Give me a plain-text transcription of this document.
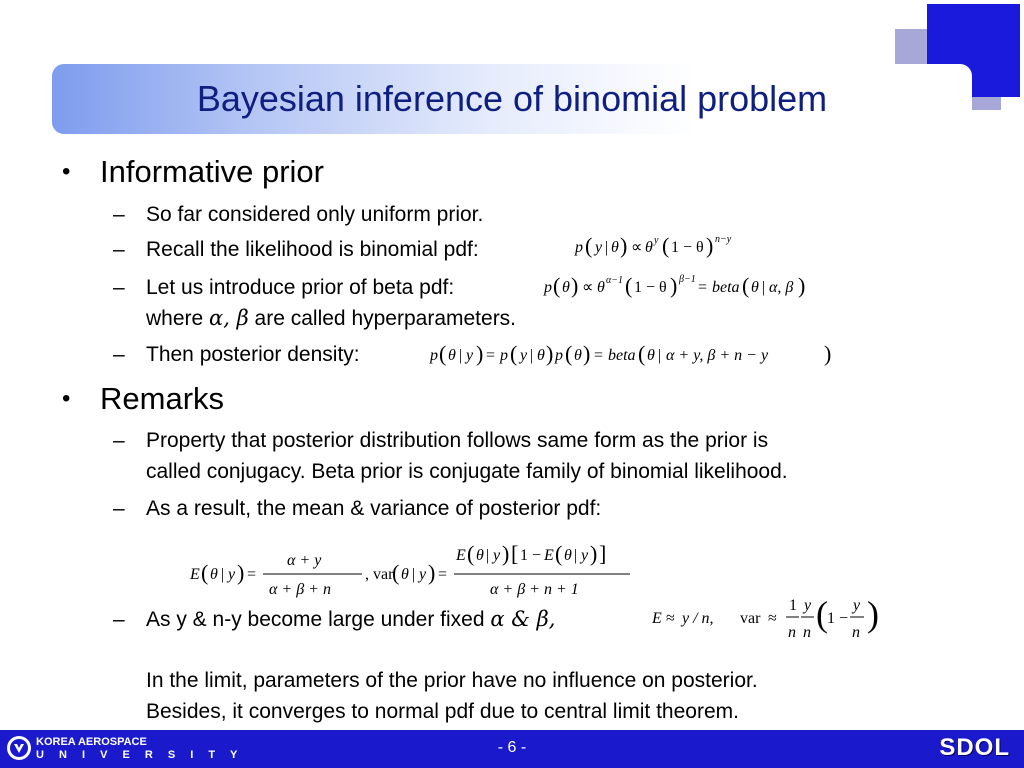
Bayesian inference of binomial problem
• Informative prior
– So far considered only uniform prior.
– Recall the likelihood is binomial pdf:	p ( y | θ ) ∝ θ y ( 1 − θ ) n−y
– Let us introduce prior of beta pdf:
where α, β are called hyperparameters.
p ( θ ) ∝ θ α−1 ( 1 − θ ) β−1 = beta ( θ | α, β )
– Then posterior density:	p ( θ | y ) = p ( y | θ ) p ( θ ) = beta ( θ | α + y, β + n − y	)
• Remarks
– Property that posterior distribution follows same form as the prior is
called conjugacy. Beta prior is conjugate family of binomial likelihood.
– As a result, the mean & variance of posterior pdf:
E ( θ | y ) =
α + y
α + β + n
, var
( θ | y ) =
E ( θ | y ) [ 1 − E ( θ | y ) ]
α + β + n + 1
– As y & n-y become large under fixed α & β,	E ≈ y / n, var ≈
1
n
y
n ( 1 −
y
n )
In the limit, parameters of the prior have no influence on posterior.
Besides, it converges to normal pdf due to central limit theorem.
KOREA AEROSPACE
U N I V E R S I T Y	- 6 -	SDOL
